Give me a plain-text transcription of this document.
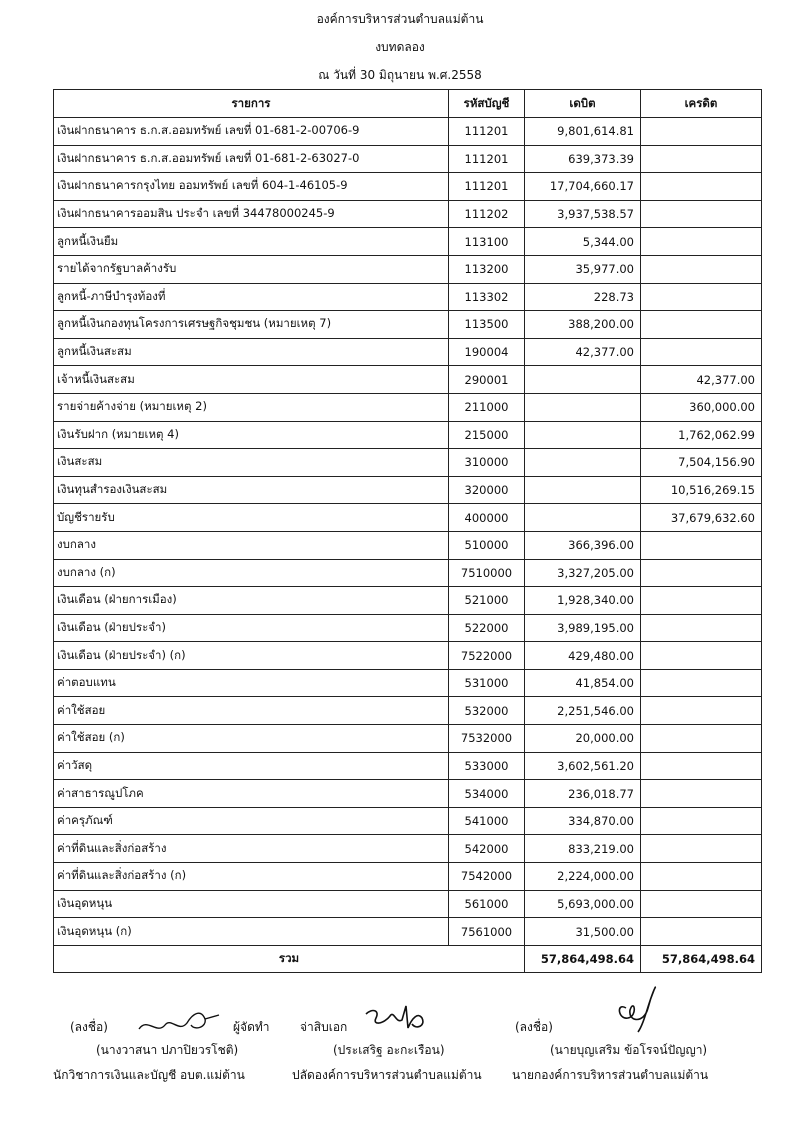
องค์การบริหารส่วนตำบลแม่ต้าน
งบทดลอง
ณ วันที่ 30 มิถุนายน พ.ศ.2558
รายการ	รหัสบัญชี	เดบิต	เครดิต
เงินฝากธนาคาร ธ.ก.ส.ออมทรัพย์ เลขที่ 01-681-2-00706-9	111201	9,801,614.81	
เงินฝากธนาคาร ธ.ก.ส.ออมทรัพย์ เลขที่ 01-681-2-63027-0	111201	639,373.39	
เงินฝากธนาคารกรุงไทย ออมทรัพย์ เลขที่ 604-1-46105-9	111201	17,704,660.17	
เงินฝากธนาคารออมสิน ประจำ เลขที่ 34478000245-9	111202	3,937,538.57	
ลูกหนี้เงินยืม	113100	5,344.00	
รายได้จากรัฐบาลค้างรับ	113200	35,977.00	
ลูกหนี้-ภาษีบำรุงท้องที่	113302	228.73	
ลูกหนี้เงินกองทุนโครงการเศรษฐกิจชุมชน (หมายเหตุ 7)	113500	388,200.00	
ลูกหนี้เงินสะสม	190004	42,377.00	
เจ้าหนี้เงินสะสม	290001		42,377.00
รายจ่ายค้างจ่าย (หมายเหตุ 2)	211000		360,000.00
เงินรับฝาก (หมายเหตุ 4)	215000		1,762,062.99
เงินสะสม	310000		7,504,156.90
เงินทุนสำรองเงินสะสม	320000		10,516,269.15
บัญชีรายรับ	400000		37,679,632.60
งบกลาง	510000	366,396.00	
งบกลาง (ก)	7510000	3,327,205.00	
เงินเดือน (ฝ่ายการเมือง)	521000	1,928,340.00	
เงินเดือน (ฝ่ายประจำ)	522000	3,989,195.00	
เงินเดือน (ฝ่ายประจำ) (ก)	7522000	429,480.00	
ค่าตอบแทน	531000	41,854.00	
ค่าใช้สอย	532000	2,251,546.00	
ค่าใช้สอย (ก)	7532000	20,000.00	
ค่าวัสดุ	533000	3,602,561.20	
ค่าสาธารณูปโภค	534000	236,018.77	
ค่าครุภัณฑ์	541000	334,870.00	
ค่าที่ดินและสิ่งก่อสร้าง	542000	833,219.00	
ค่าที่ดินและสิ่งก่อสร้าง (ก)	7542000	2,224,000.00	
เงินอุดหนุน	561000	5,693,000.00	
เงินอุดหนุน (ก)	7561000	31,500.00	
รวม		57,864,498.64	57,864,498.64
(ลงชื่อ)	ผู้จัดทำ
(นางวาสนา ปภาปิยวรโชติ)
นักวิชาการเงินและบัญชี อบต.แม่ต้าน
จ่าสิบเอก
(ประเสริฐ อะกะเรือน)
ปลัดองค์การบริหารส่วนตำบลแม่ต้าน
(ลงชื่อ)
(นายบุญเสริม ข้อโรจน์ปัญญา)
นายกองค์การบริหารส่วนตำบลแม่ต้าน
